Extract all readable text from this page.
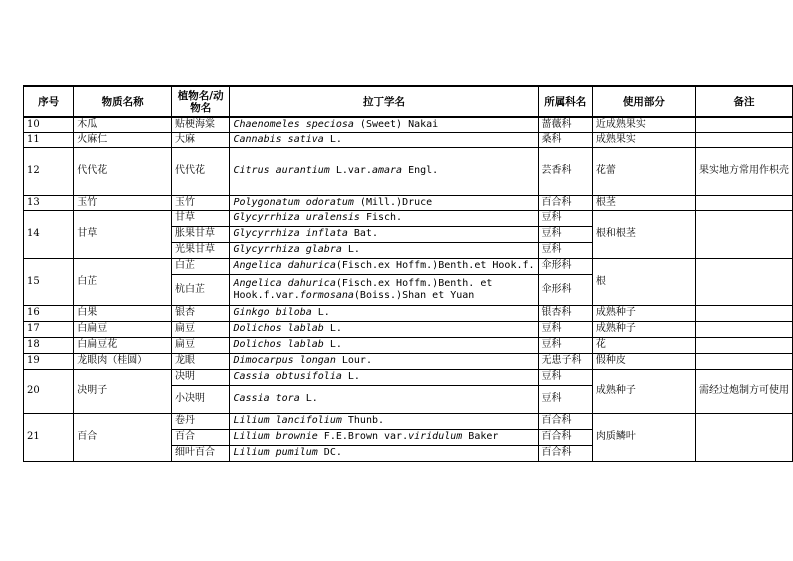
序号	物质名称	植物名/动物名	拉丁学名	所属科名	使用部分	备注
10	木瓜	贴梗海棠	Chaenomeles speciosa (Sweet) Nakai	蔷薇科	近成熟果实	
11	火麻仁	大麻	Cannabis sativa L.	桑科	成熟果实	
12	代代花	代代花	Citrus aurantium L.var.amara Engl.	芸香科	花蕾	果实地方常用作枳壳
13	玉竹	玉竹	Polygonatum odoratum (Mill.)Druce	百合科	根茎	
14	甘草	甘草	Glycyrrhiza uralensis Fisch.	豆科	根和根茎	
		胀果甘草	Glycyrrhiza inflata Bat.	豆科		
		光果甘草	Glycyrrhiza glabra L.	豆科		
15	白芷	白芷	Angelica dahurica(Fisch.ex Hoffm.)Benth.et Hook.f.	伞形科	根	
		杭白芷	Angelica dahurica(Fisch.ex Hoffm.)Benth. et
Hook.f.var.formosana(Boiss.)Shan et Yuan	伞形科		
16	白果	银杏	Ginkgo biloba L.	银杏科	成熟种子	
17	白扁豆	扁豆	Dolichos lablab L.	豆科	成熟种子	
18	白扁豆花	扁豆	Dolichos lablab L.	豆科	花	
19	龙眼肉（桂圆）	龙眼	Dimocarpus longan Lour.	无患子科	假种皮	
20	决明子	决明	Cassia obtusifolia L.	豆科	成熟种子	需经过炮制方可使用
		小决明	Cassia tora L.	豆科		
21	百合	卷丹	Lilium lancifolium Thunb.	百合科	肉质鳞叶	
		百合	Lilium brownie F.E.Brown var.viridulum Baker	百合科		
		细叶百合	Lilium pumilum DC.	百合科		
